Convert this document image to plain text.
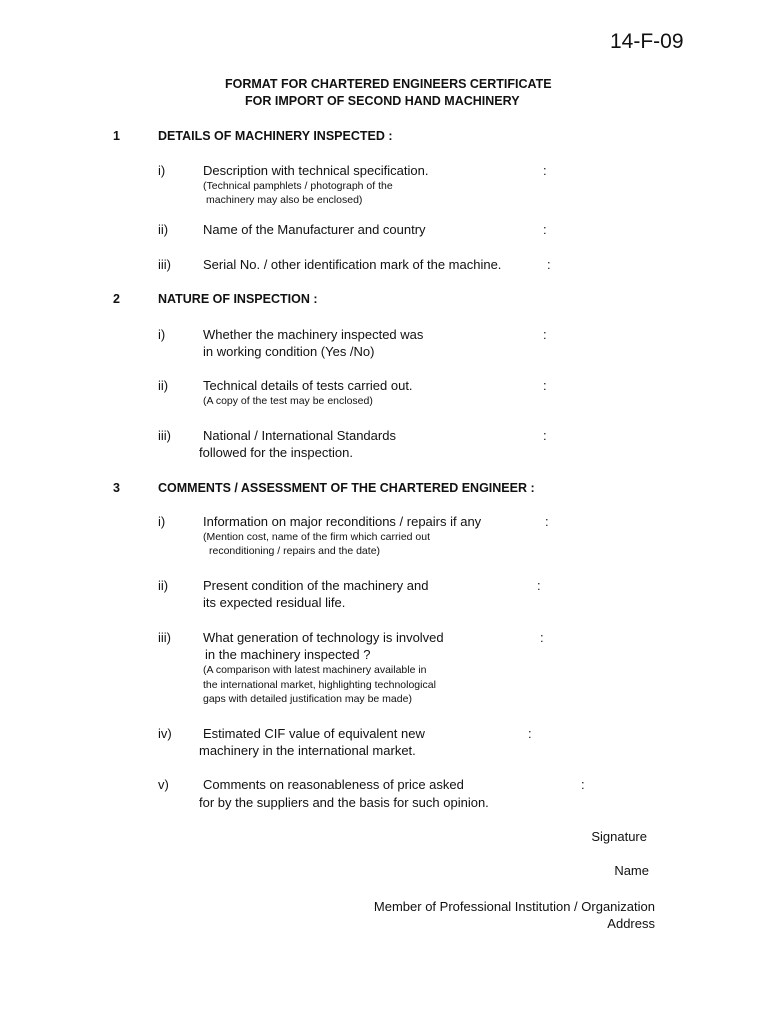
14-F-09
FORMAT FOR CHARTERED ENGINEERS CERTIFICATE
FOR IMPORT OF SECOND HAND MACHINERY
1	DETAILS OF MACHINERY INSPECTED :
i)	Description with technical specification.	:
(Technical pamphlets / photograph of the
machinery may also be enclosed)
ii)	Name of the Manufacturer and country	:
iii) Serial No. / other identification mark of the machine.	:
2	NATURE OF INSPECTION :
i)	Whether the machinery inspected was	:
in working condition (Yes /No)
ii)	Technical details of tests carried out.	:
(A copy of the test may be enclosed)
iii) National / International Standards	:
followed for the inspection.
3	COMMENTS / ASSESSMENT OF THE CHARTERED ENGINEER :
i)	Information on major reconditions / repairs if any	:
(Mention cost, name of the firm which carried out
reconditioning / repairs and the date)
ii)	Present condition of the machinery and	:
its expected residual life.
iii) What generation of technology is involved	:
in the machinery inspected ?
(A comparison with latest machinery available in
the international market, highlighting technological
gaps with detailed justification may be made)
iv) Estimated CIF value of equivalent new	:
machinery in the international market.
v)	Comments on reasonableness of price asked	:
for by the suppliers and the basis for such opinion.
Signature
Name
Member of Professional Institution / Organization
Address
